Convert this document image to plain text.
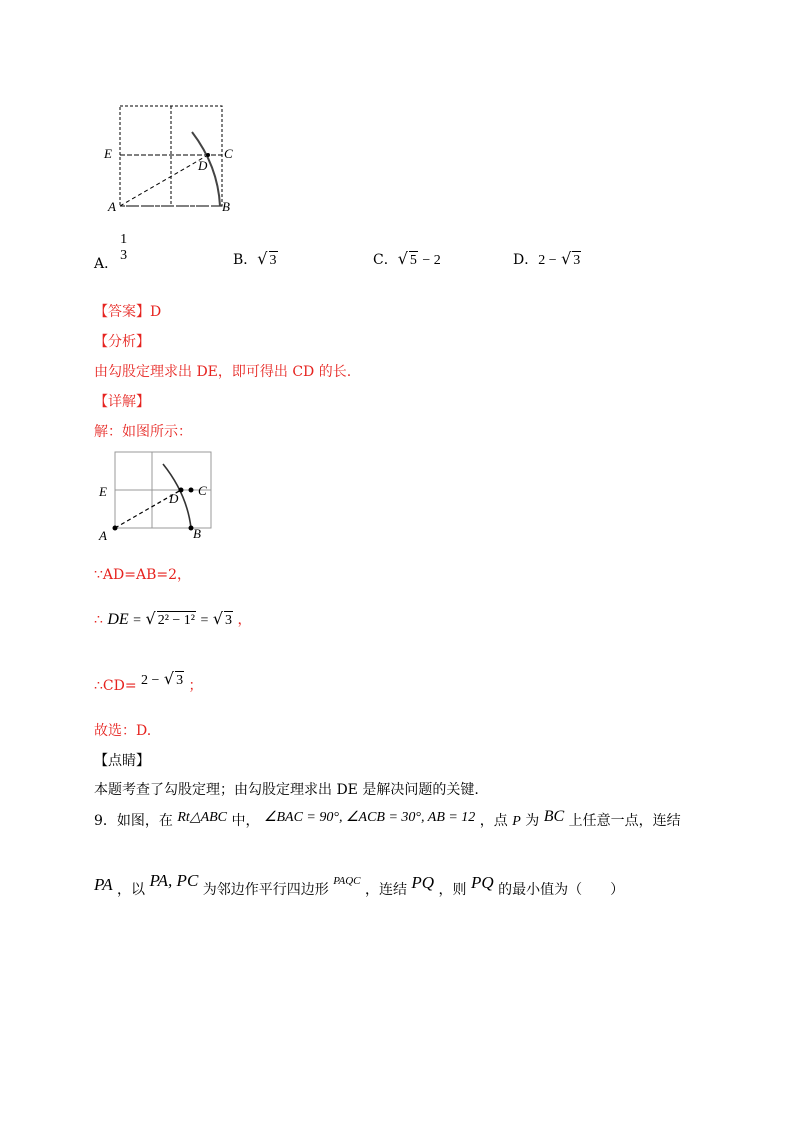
E	C
D
A	B
A．
1
3	B．√ 3	C．√ 5 − 2	D．2 − √ 3
【答案】D
【分析】
由勾股定理求出 DE，即可得出 CD 的长.
【详解】
解：如图所示：
E	C
D
A	B
∵AD=AB=2，
∴ DE = √ 2² − 1² = √ 3 ，
∴CD= 2 − √ 3 ；
故选：D.
【点睛】
本题考查了勾股定理；由勾股定理求出 DE 是解决问题的关键.
9．如图，在 Rt△ABC 中， ∠BAC = 90°, ∠ACB = 30°, AB = 12 ，点 P 为 BC 上任意一点，连结
PA ，以 PA, PC 为邻边作平行四边形 $^{PAQC}$ ，连结 PQ ，则 PQ 的最小值为（　　）
